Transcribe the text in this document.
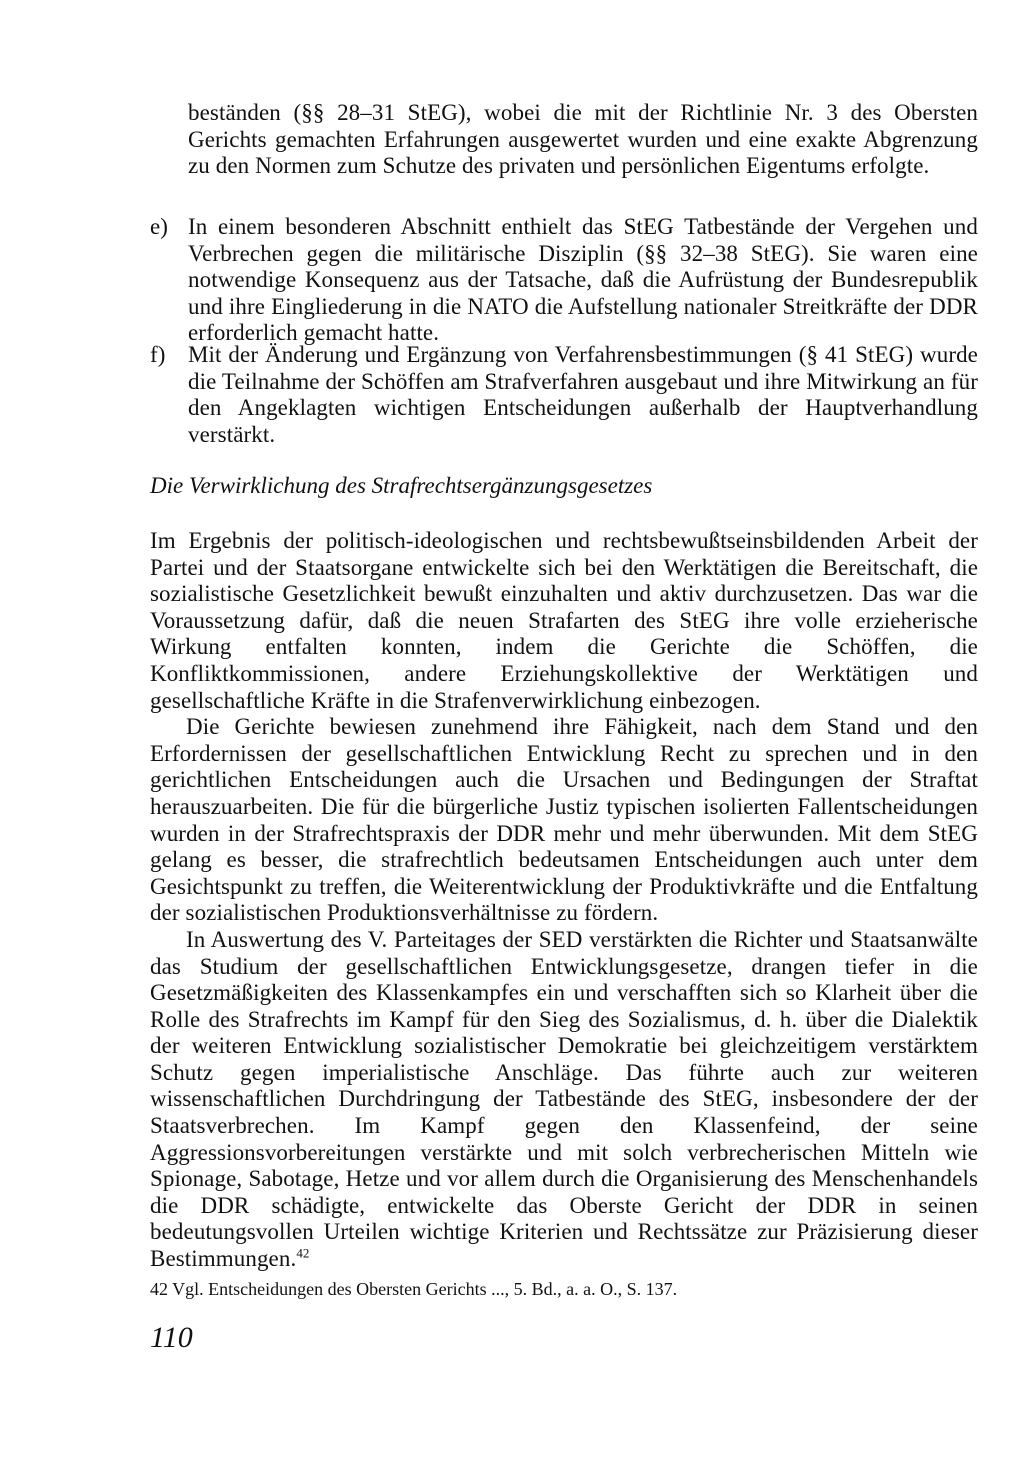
beständen (§§ 28–31 StEG), wobei die mit der Richtlinie Nr. 3 des Obersten Gerichts gemachten Erfahrungen ausgewertet wurden und eine exakte Abgrenzung zu den Normen zum Schutze des privaten und persönlichen Eigentums erfolgte.
e) In einem besonderen Abschnitt enthielt das StEG Tatbestände der Vergehen und Verbrechen gegen die militärische Disziplin (§§ 32–38 StEG). Sie waren eine notwendige Konsequenz aus der Tatsache, daß die Aufrüstung der Bundesrepublik und ihre Eingliederung in die NATO die Aufstellung nationaler Streitkräfte der DDR erforderlich gemacht hatte.
f) Mit der Änderung und Ergänzung von Verfahrensbestimmungen (§ 41 StEG) wurde die Teilnahme der Schöffen am Strafverfahren ausgebaut und ihre Mitwirkung an für den Angeklagten wichtigen Entscheidungen außerhalb der Hauptverhandlung verstärkt.
Die Verwirklichung des Strafrechtsergänzungsgesetzes

Im Ergebnis der politisch-ideologischen und rechtsbewußtseinsbildenden Arbeit der Partei und der Staatsorgane entwickelte sich bei den Werktätigen die Bereitschaft, die sozialistische Gesetzlichkeit bewußt einzuhalten und aktiv durchzusetzen. Das war die Voraussetzung dafür, daß die neuen Strafarten des StEG ihre volle erzieherische Wirkung entfalten konnten, indem die Gerichte die Schöffen, die Konfliktkommissionen, andere Erziehungskollektive der Werktätigen und gesellschaftliche Kräfte in die Strafenverwirklichung einbezogen.

Die Gerichte bewiesen zunehmend ihre Fähigkeit, nach dem Stand und den Erfordernissen der gesellschaftlichen Entwicklung Recht zu sprechen und in den gerichtlichen Entscheidungen auch die Ursachen und Bedingungen der Straftat herauszuarbeiten. Die für die bürgerliche Justiz typischen isolierten Fallentscheidungen wurden in der Strafrechtspraxis der DDR mehr und mehr überwunden. Mit dem StEG gelang es besser, die strafrechtlich bedeutsamen Entscheidungen auch unter dem Gesichtspunkt zu treffen, die Weiterentwicklung der Produktivkräfte und die Entfaltung der sozialistischen Produktionsverhältnisse zu fördern.

In Auswertung des V. Parteitages der SED verstärkten die Richter und Staatsanwälte das Studium der gesellschaftlichen Entwicklungsgesetze, drangen tiefer in die Gesetzmäßigkeiten des Klassenkampfes ein und verschafften sich so Klarheit über die Rolle des Strafrechts im Kampf für den Sieg des Sozialismus, d. h. über die Dialektik der weiteren Entwicklung sozialistischer Demokratie bei gleichzeitigem verstärktem Schutz gegen imperialistische Anschläge. Das führte auch zur weiteren wissenschaftlichen Durchdringung der Tatbestände des StEG, insbesondere der der Staatsverbrechen. Im Kampf gegen den Klassenfeind, der seine Aggressionsvorbereitungen verstärkte und mit solch verbrecherischen Mitteln wie Spionage, Sabotage, Hetze und vor allem durch die Organisierung des Menschenhandels die DDR schädigte, entwickelte das Oberste Gericht der DDR in seinen bedeutungsvollen Urteilen wichtige Kriterien und Rechtssätze zur Präzisierung dieser Bestimmungen.$^{42}$

42 Vgl. Entscheidungen des Obersten Gerichts ..., 5. Bd., a. a. O., S. 137.
110
